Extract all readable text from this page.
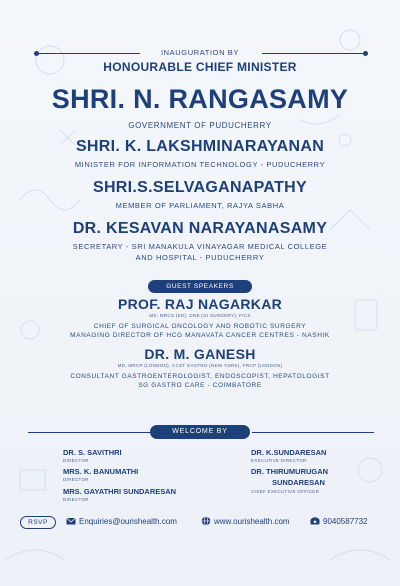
INAUGURATION BY
HONOURABLE CHIEF MINISTER
SHRI. N. RANGASAMY
GOVERNMENT OF PUDUCHERRY
SHRI. K. LAKSHMINARAYANAN
MINISTER FOR INFORMATION TECHNOLOGY - PUDUCHERRY
SHRI.S.SELVAGANAPATHY
MEMBER OF PARLIAMENT, RAJYA SABHA
DR. KESAVAN NARAYANASAMY
SECRETARY - SRI MANAKULA VINAYAGAR MEDICAL COLLEGE
AND HOSPITAL - PUDUCHERRY
GUEST SPEAKERS
PROF. RAJ NAGARKAR
MS, MRCS (ED), DNB (GI SURGERY), FICS
CHIEF OF SURGICAL ONCOLOGY AND ROBOTIC SURGERY
MANAGING DIRECTOR OF HCG MANAVATA CANCER CENTRES - NASHIK
DR. M. GANESH
MD, MRCP (LONDON), CCST GASTRO (NEW YORK), FRCP (LONDON)
CONSULTANT GASTROENTEROLOGIST, ENDOSCOPIST, HEPATOLOGIST
SG GASTRO CARE - COIMBATORE
WELCOME BY
DR. S. SAVITHRI
DIRECTOR
MRS. K. BANUMATHI
DIRECTOR
MRS. GAYATHRI SUNDARESAN
DIRECTOR
DR. K.SUNDARESAN
EXECUTIVE DIRECTOR
DR. THIRUMURUGAN
SUNDARESAN
CHIEF EXECUTIVE OFFICER
RSVP	Enquiries@ourishealth.com	www.ourishealth.com	9040587732
